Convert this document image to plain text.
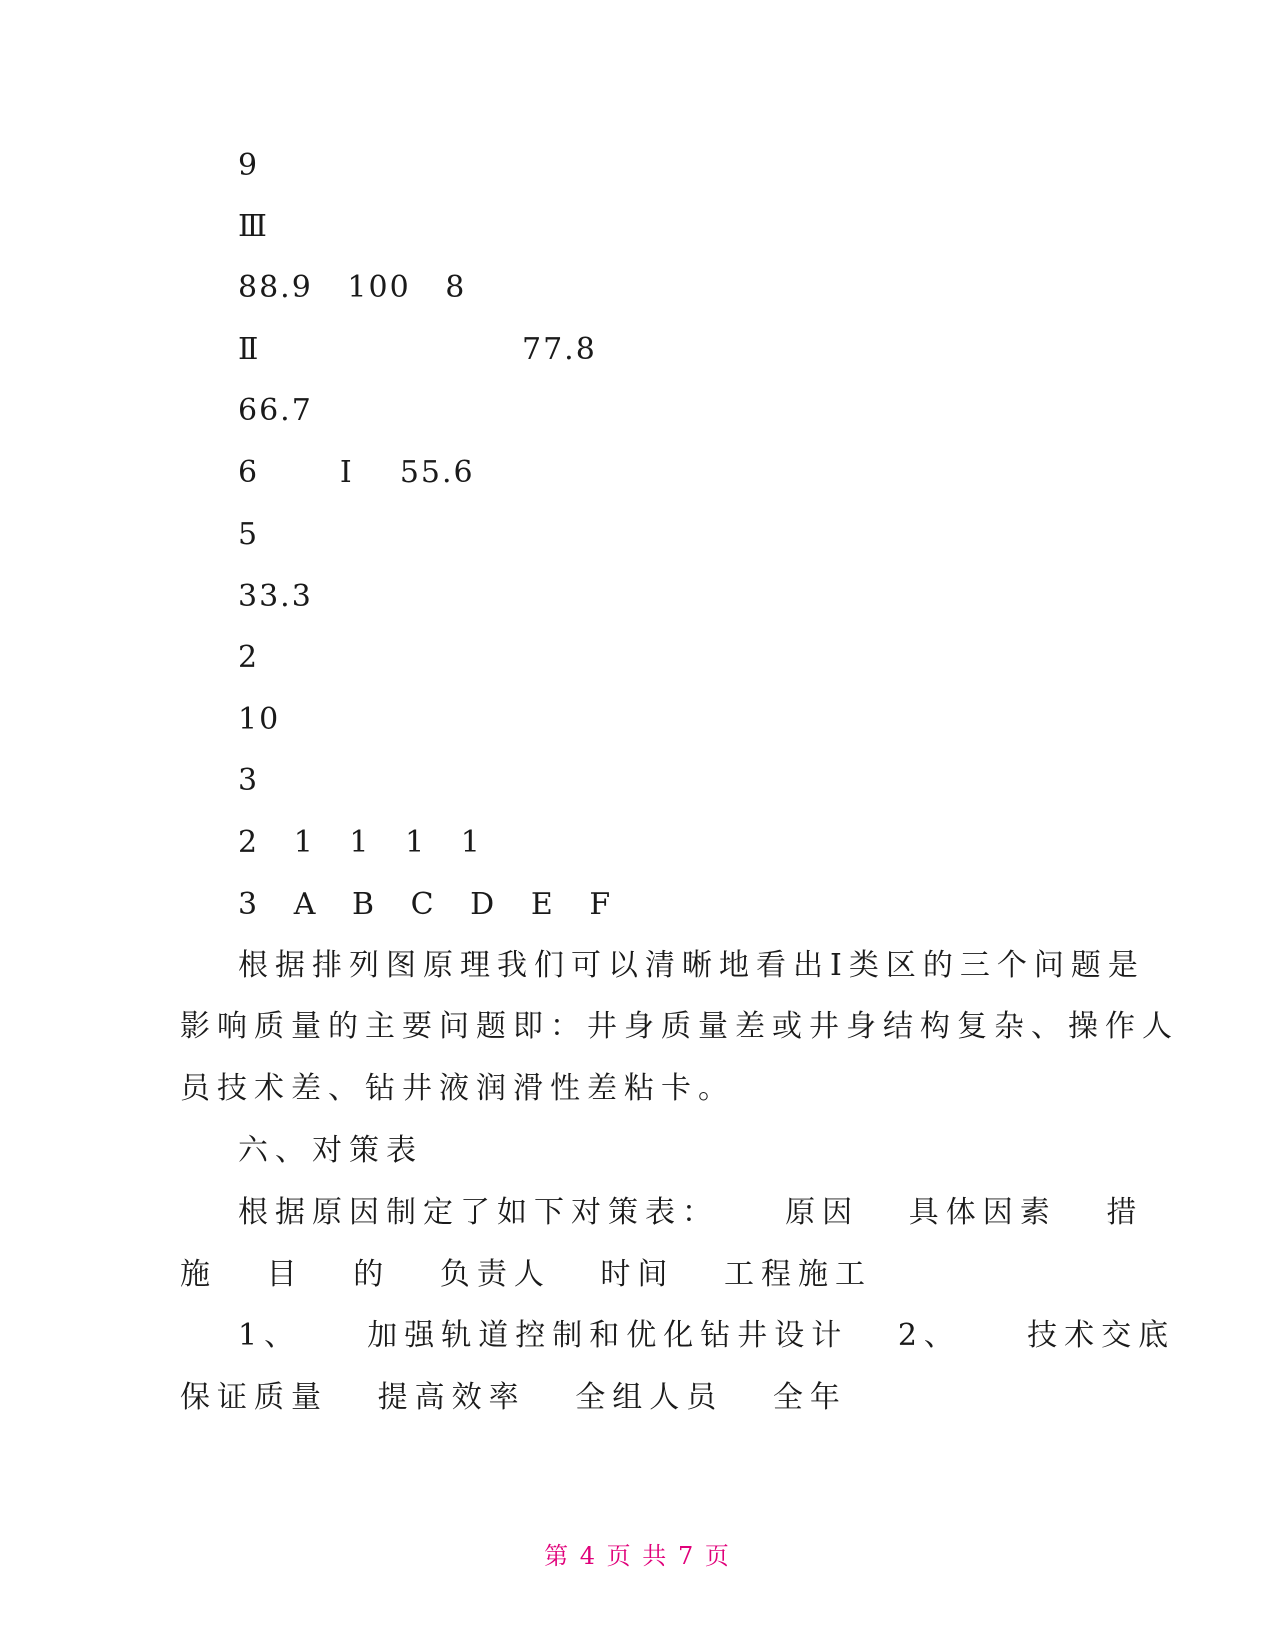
9
Ⅲ
88.9   100   8
Ⅱ	77.8
66.7
6       Ⅰ    55.6
5
33.3
2
10
3
2   1   1   1   1
3   A   B   C   D   E   F
根据排列图原理我们可以清晰地看出Ⅰ类区的三个问题是
影响质量的主要问题即：井身质量差或井身结构复杂、操作人
员技术差、钻井液润滑性差粘卡。
六、对策表
根据原因制定了如下对策表：    原因   具体因素   措
施   目   的   负责人   时间   工程施工
1、    加强轨道控制和优化钻井设计   2、    技术交底
保证质量   提高效率   全组人员   全年
第 4 页 共 7 页
